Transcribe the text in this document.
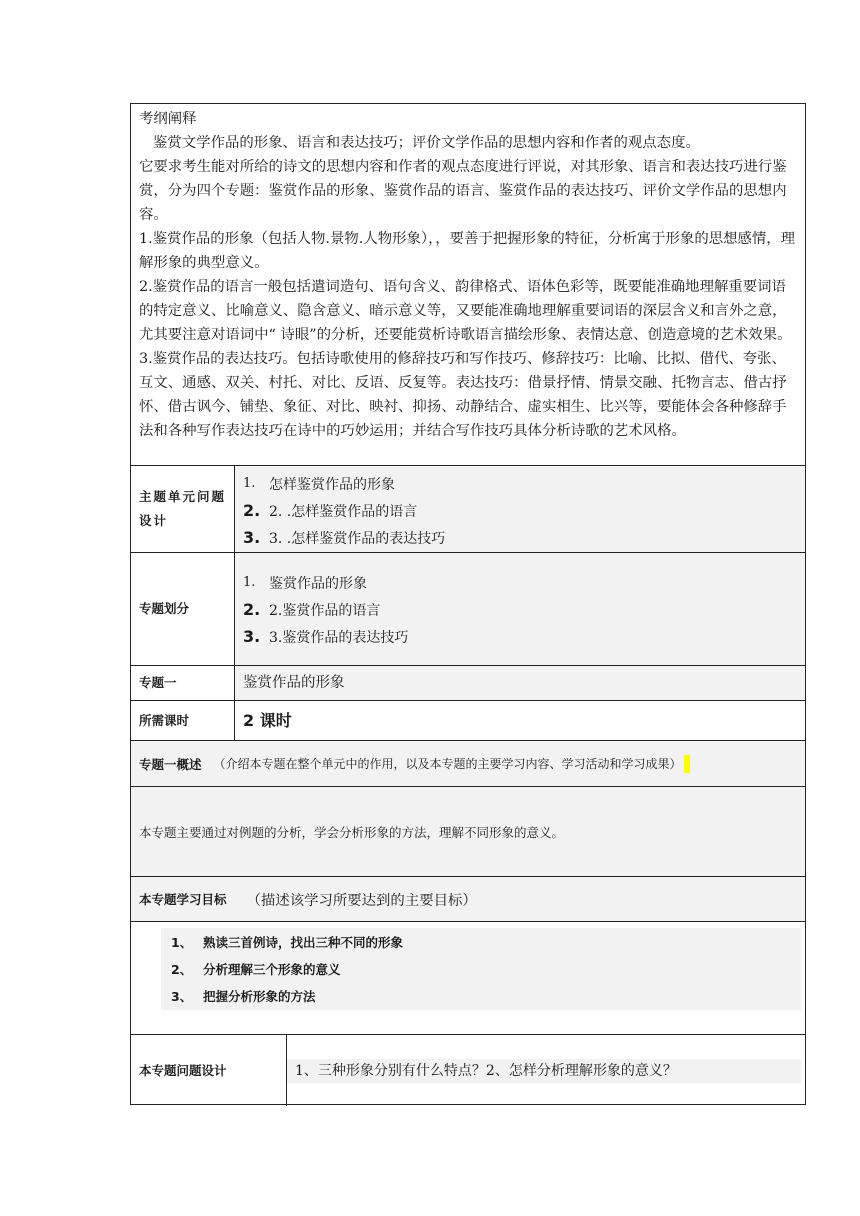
考纲阐释

鉴赏文学作品的形象、语言和表达技巧；评价文学作品的思想内容和作者的观点态度。

它要求考生能对所给的诗文的思想内容和作者的观点态度进行评说，对其形象、语言和表达技巧进行鉴赏，分为四个专题：鉴赏作品的形象、鉴赏作品的语言、鉴赏作品的表达技巧、评价文学作品的思想内容。

1.鉴赏作品的形象（包括人物.景物.人物形象），，要善于把握形象的特征，分析寓于形象的思想感情，理解形象的典型意义。

2.鉴赏作品的语言一般包括遣词造句、语句含义、韵律格式、语体色彩等，既要能准确地理解重要词语的特定意义、比喻意义、隐含意义、暗示意义等，又要能准确地理解重要词语的深层含义和言外之意，尤其要注意对语词中“ 诗眼”的分析，还要能赏析诗歌语言描绘形象、表情达意、创造意境的艺术效果。

3.鉴赏作品的表达技巧。包括诗歌使用的修辞技巧和写作技巧、修辞技巧：比喻、比拟、借代、夸张、互文、通感、双关、村托、对比、反语、反复等。表达技巧：借景抒情、情景交融、托物言志、借古抒怀、借古讽今、铺垫、象征、对比、映衬、抑扬、动静结合、虚实相生、比兴等，要能体会各种修辞手法和各种写作表达技巧在诗中的巧妙运用；并结合写作技巧具体分析诗歌的艺术风格。

主题单元问题设计
1. 怎样鉴赏作品的形象
2. 2. .怎样鉴赏作品的语言
3. 3. .怎样鉴赏作品的表达技巧
专题划分
1. 鉴赏作品的形象
2. 2.鉴赏作品的语言
3. 3.鉴赏作品的表达技巧
专题一	鉴赏作品的形象
所需课时	2 课时
专题一概述 （介绍本专题在整个单元中的作用，以及本专题的主要学习内容、学习活动和学习成果）
本专题主要通过对例题的分析，学会分析形象的方法，理解不同形象的意义。
本专题学习目标 （描述该学习所要达到的主要目标）
1、 熟读三首例诗，找出三种不同的形象
2、 分析理解三个形象的意义
3、 把握分析形象的方法
本专题问题设计	1、三种形象分别有什么特点？2、怎样分析理解形象的意义？
